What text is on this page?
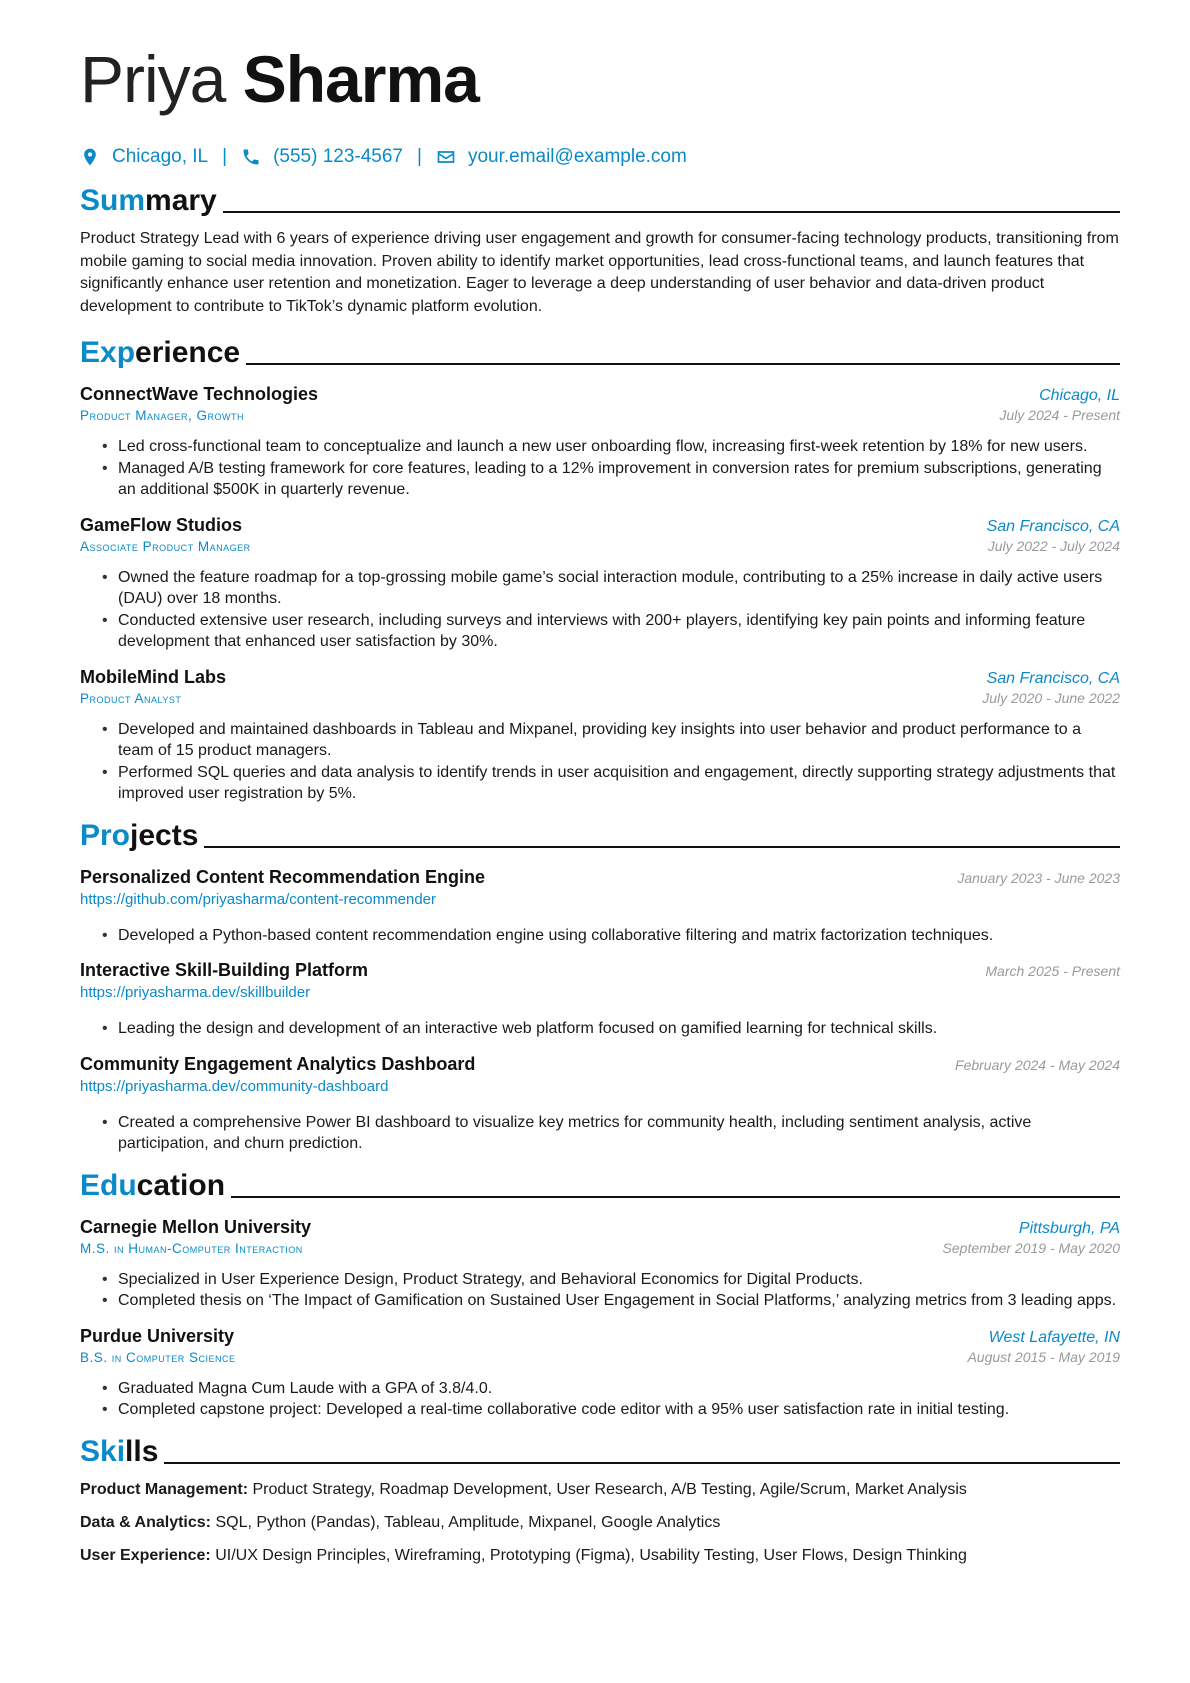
Priya Sharma
Chicago, IL | (555) 123-4567 | your.email@example.com
Summary

Product Strategy Lead with 6 years of experience driving user engagement and growth for consumer-facing technology products, transitioning from mobile gaming to social media innovation. Proven ability to identify market opportunities, lead cross-functional teams, and launch features that significantly enhance user retention and monetization. Eager to leverage a deep understanding of user behavior and data-driven product development to contribute to TikTok’s dynamic platform evolution.

Experience
ConnectWave Technologies	Chicago, IL
Product Manager, Growth	July 2024 - Present
• Led cross-functional team to conceptualize and launch a new user onboarding flow, increasing first-week retention by 18% for new users.
• Managed A/B testing framework for core features, leading to a 12% improvement in conversion rates for premium subscriptions, generating an additional $500K in quarterly revenue.
GameFlow Studios	San Francisco, CA
Associate Product Manager	July 2022 - July 2024
• Owned the feature roadmap for a top-grossing mobile game’s social interaction module, contributing to a 25% increase in daily active users (DAU) over 18 months.
• Conducted extensive user research, including surveys and interviews with 200+ players, identifying key pain points and informing feature development that enhanced user satisfaction by 30%.
MobileMind Labs	San Francisco, CA
Product Analyst	July 2020 - June 2022
• Developed and maintained dashboards in Tableau and Mixpanel, providing key insights into user behavior and product performance to a team of 15 product managers.
• Performed SQL queries and data analysis to identify trends in user acquisition and engagement, directly supporting strategy adjustments that improved user registration by 5%.
Projects
Personalized Content Recommendation Engine	January 2023 - June 2023
https://github.com/priyasharma/content-recommender
• Developed a Python-based content recommendation engine using collaborative filtering and matrix factorization techniques.
Interactive Skill-Building Platform	March 2025 - Present
https://priyasharma.dev/skillbuilder
• Leading the design and development of an interactive web platform focused on gamified learning for technical skills.
Community Engagement Analytics Dashboard	February 2024 - May 2024
https://priyasharma.dev/community-dashboard
• Created a comprehensive Power BI dashboard to visualize key metrics for community health, including sentiment analysis, active participation, and churn prediction.
Education
Carnegie Mellon University	Pittsburgh, PA
M.S. in Human-Computer Interaction	September 2019 - May 2020
• Specialized in User Experience Design, Product Strategy, and Behavioral Economics for Digital Products.
• Completed thesis on ‘The Impact of Gamification on Sustained User Engagement in Social Platforms,’ analyzing metrics from 3 leading apps.
Purdue University	West Lafayette, IN
B.S. in Computer Science	August 2015 - May 2019
• Graduated Magna Cum Laude with a GPA of 3.8/4.0.
• Completed capstone project: Developed a real-time collaborative code editor with a 95% user satisfaction rate in initial testing.
Skills
Product Management: Product Strategy, Roadmap Development, User Research, A/B Testing, Agile/Scrum, Market Analysis
Data & Analytics: SQL, Python (Pandas), Tableau, Amplitude, Mixpanel, Google Analytics
User Experience: UI/UX Design Principles, Wireframing, Prototyping (Figma), Usability Testing, User Flows, Design Thinking
